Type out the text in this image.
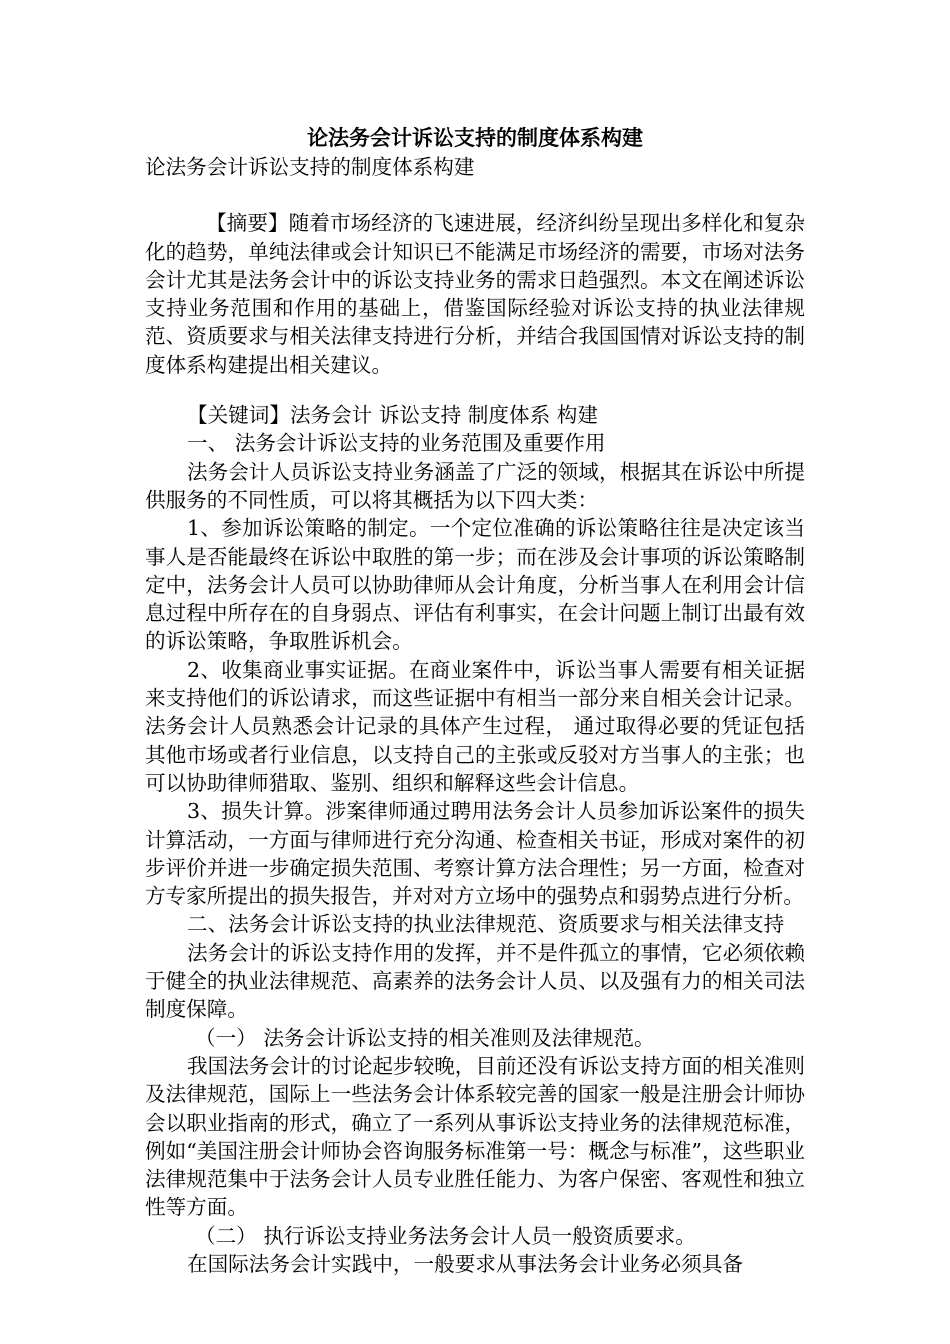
论法务会计诉讼支持的制度体系构建
论法务会计诉讼支持的制度体系构建

【摘要】随着市场经济的飞速进展，经济纠纷呈现出多样化和复杂化的趋势，单纯法律或会计知识已不能满足市场经济的需要，市场对法务会计尤其是法务会计中的诉讼支持业务的需求日趋强烈。本文在阐述诉讼支持业务范围和作用的基础上，借鉴国际经验对诉讼支持的执业法律规范、资质要求与相关法律支持进行分析，并结合我国国情对诉讼支持的制度体系构建提出相关建议。

【关键词】法务会计 诉讼支持 制度体系 构建

一、 法务会计诉讼支持的业务范围及重要作用

法务会计人员诉讼支持业务涵盖了广泛的领域，根据其在诉讼中所提供服务的不同性质，可以将其概括为以下四大类：

1、参加诉讼策略的制定。一个定位准确的诉讼策略往往是决定该当事人是否能最终在诉讼中取胜的第一步；而在涉及会计事项的诉讼策略制定中，法务会计人员可以协助律师从会计角度，分析当事人在利用会计信息过程中所存在的自身弱点、评估有利事实，在会计问题上制订出最有效的诉讼策略，争取胜诉机会。

2、收集商业事实证据。在商业案件中，诉讼当事人需要有相关证据来支持他们的诉讼请求，而这些证据中有相当一部分来自相关会计记录。法务会计人员熟悉会计记录的具体产生过程， 通过取得必要的凭证包括其他市场或者行业信息，以支持自己的主张或反驳对方当事人的主张；也可以协助律师猎取、鉴别、组织和解释这些会计信息。

3、损失计算。涉案律师通过聘用法务会计人员参加诉讼案件的损失计算活动，一方面与律师进行充分沟通、检查相关书证，形成对案件的初步评价并进一步确定损失范围、考察计算方法合理性；另一方面，检查对方专家所提出的损失报告，并对对方立场中的强势点和弱势点进行分析。

二、法务会计诉讼支持的执业法律规范、资质要求与相关法律支持

法务会计的诉讼支持作用的发挥，并不是件孤立的事情，它必须依赖于健全的执业法律规范、高素养的法务会计人员、以及强有力的相关司法制度保障。

（一） 法务会计诉讼支持的相关准则及法律规范。

我国法务会计的讨论起步较晚，目前还没有诉讼支持方面的相关准则及法律规范，国际上一些法务会计体系较完善的国家一般是注册会计师协会以职业指南的形式，确立了一系列从事诉讼支持业务的法律规范标准，例如“美国注册会计师协会咨询服务标准第一号：概念与标准”，这些职业法律规范集中于法务会计人员专业胜任能力、为客户保密、客观性和独立性等方面。

（二） 执行诉讼支持业务法务会计人员一般资质要求。

在国际法务会计实践中，一般要求从事法务会计业务必须具备
